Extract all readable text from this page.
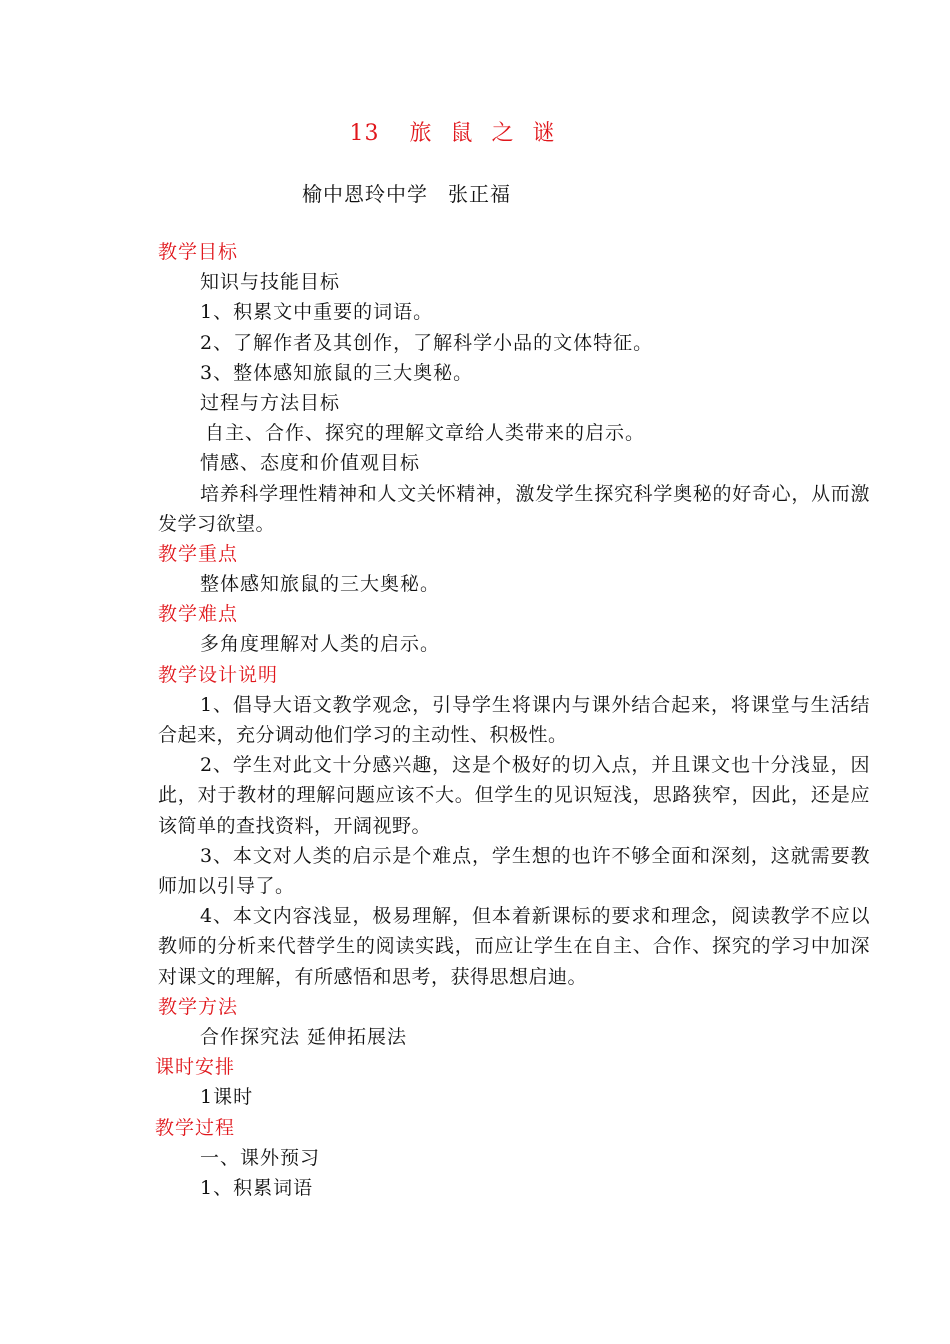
13 旅 鼠 之 谜
榆中恩玲中学 张正福
教学目标
知识与技能目标
1、积累文中重要的词语。
2、了解作者及其创作，了解科学小品的文体特征。
3、整体感知旅鼠的三大奥秘。
过程与方法目标
自主、合作、探究的理解文章给人类带来的启示。
情感、态度和价值观目标
培养科学理性精神和人文关怀精神，激发学生探究科学奥秘的好奇心，从而激发学习欲望。
教学重点
整体感知旅鼠的三大奥秘。
教学难点
多角度理解对人类的启示。
教学设计说明
1、倡导大语文教学观念，引导学生将课内与课外结合起来，将课堂与生活结合起来，充分调动他们学习的主动性、积极性。
2、学生对此文十分感兴趣，这是个极好的切入点，并且课文也十分浅显，因此，对于教材的理解问题应该不大。但学生的见识短浅，思路狭窄，因此，还是应该简单的查找资料，开阔视野。
3、本文对人类的启示是个难点，学生想的也许不够全面和深刻，这就需要教师加以引导了。
4、本文内容浅显，极易理解，但本着新课标的要求和理念，阅读教学不应以教师的分析来代替学生的阅读实践，而应让学生在自主、合作、探究的学习中加深对课文的理解，有所感悟和思考，获得思想启迪。
教学方法
合作探究法 延伸拓展法
课时安排
1课时
教学过程
一、课外预习
1、积累词语
